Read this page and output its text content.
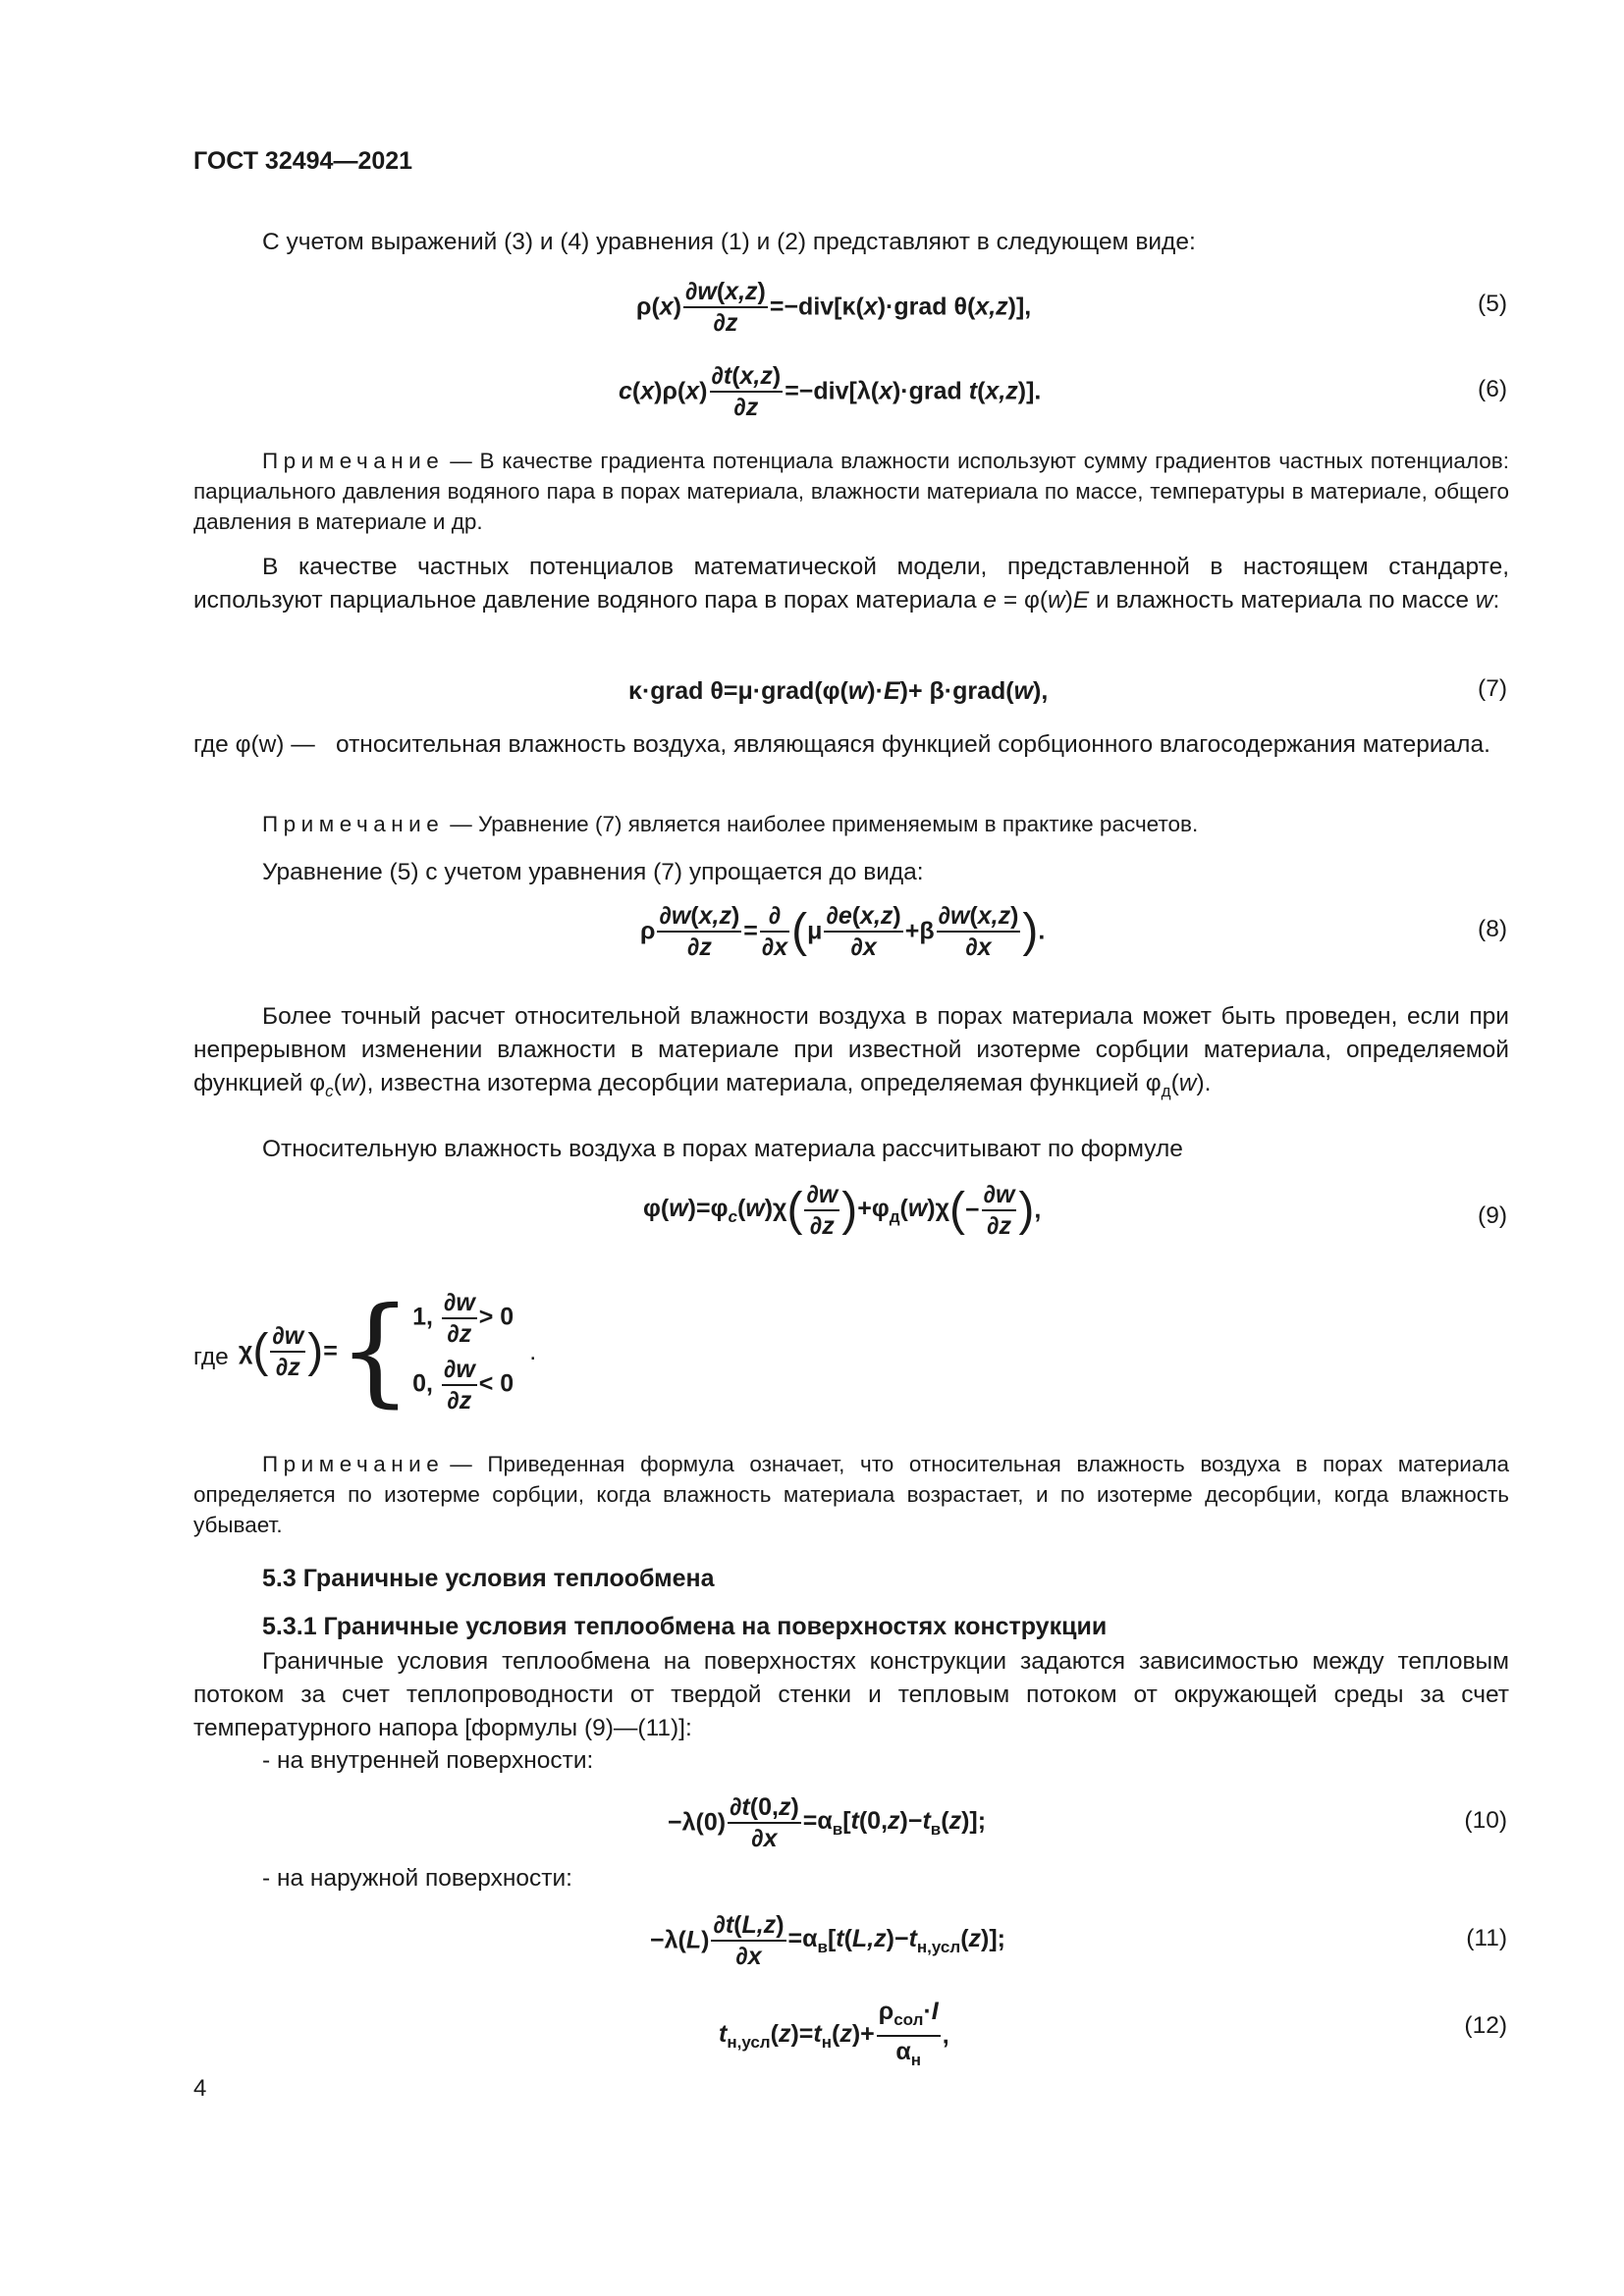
ГОСТ 32494—2021
С учетом выражений (3) и (4) уравнения (1) и (2) представляют в следующем виде:
$\rho(x) \frac{\partial w(x,z)}{\partial z}$ =−div[κ(x)·grad θ(x,z)],	(5)
$c(x)\rho(x) \frac{\partial t(x,z)}{\partial z}$ =−div[λ(x)·grad t(x,z)].	(6)
Примечание — В качестве градиента потенциала влажности используют сумму градиентов частных потенциалов: парциального давления водяного пара в порах материала, влажности материала по массе, температуры в материале, общего давления в материале и др.
В качестве частных потенциалов математической модели, представленной в настоящем стандарте, используют парциальное давление водяного пара в порах материала e = φ(w)E и влажность материала по массе w:
κ·grad θ=μ·grad(φ(w)·E)+ β·grad(w),	(7)
где φ(w) — относительная влажность воздуха, являющаяся функцией сорбционного влагосодержания материала.
Примечание — Уравнение (7) является наиболее применяемым в практике расчетов.
Уравнение (5) с учетом уравнения (7) упрощается до вида:
ρ $\frac{\partial w(x,z)}{\partial z} = \frac{\partial}{\partial x} (\mu \frac{\partial e(x,z)}{\partial x} +\beta \frac{\partial w(x,z)}{\partial x}$ ).	(8)
Более точный расчет относительной влажности воздуха в порах материала может быть проведен, если при непрерывном изменении влажности в материале при известной изотерме сорбции материала, определяемой функцией $\varphi_c(w)$, известна изотерма десорбции материала, определяемая функцией $\varphi_д(w)$.
Относительную влажность воздуха в порах материала рассчитывают по формуле
$\varphi(w)=\varphi_c(w)\chi( \frac{\partial w}{\partial z} )+\varphi_д(w)\chi(- \frac{\partial w}{\partial z}$ ),	(9)
где $\chi( \frac{\partial w}{\partial z}$ )={ 1, $\frac{\partial w}{\partial z} > 0$
0, $\frac{\partial w}{\partial z} < 0$
.
Примечание — Приведенная формула означает, что относительная влажность воздуха в порах материала определяется по изотерме сорбции, когда влажность материала возрастает, и по изотерме десорбции, когда влажность убывает.
5.3 Граничные условия теплообмена
5.3.1 Граничные условия теплообмена на поверхностях конструкции
Граничные условия теплообмена на поверхностях конструкции задаются зависимостью между тепловым потоком за счет теплопроводности от твердой стенки и тепловым потоком от окружающей среды за счет температурного напора [формулы (9)—(11)]:
- на внутренней поверхности:
$-\lambda(0) \frac{\partial t(0,z)}{\partial x} =\alpha_в[t(0,z)-t_в(z)]$;	(10)
- на наружной поверхности:
$-\lambda(L) \frac{\partial t(L,z)}{\partial x} =\alpha_в[t(L,z)-t_{н,усл}(z)]$;	(11)
$t_{н,усл}(z)=t_н(z)+ \frac{\rho_{сол}\cdot I}{\alpha_н}$ ,	(12)
4
